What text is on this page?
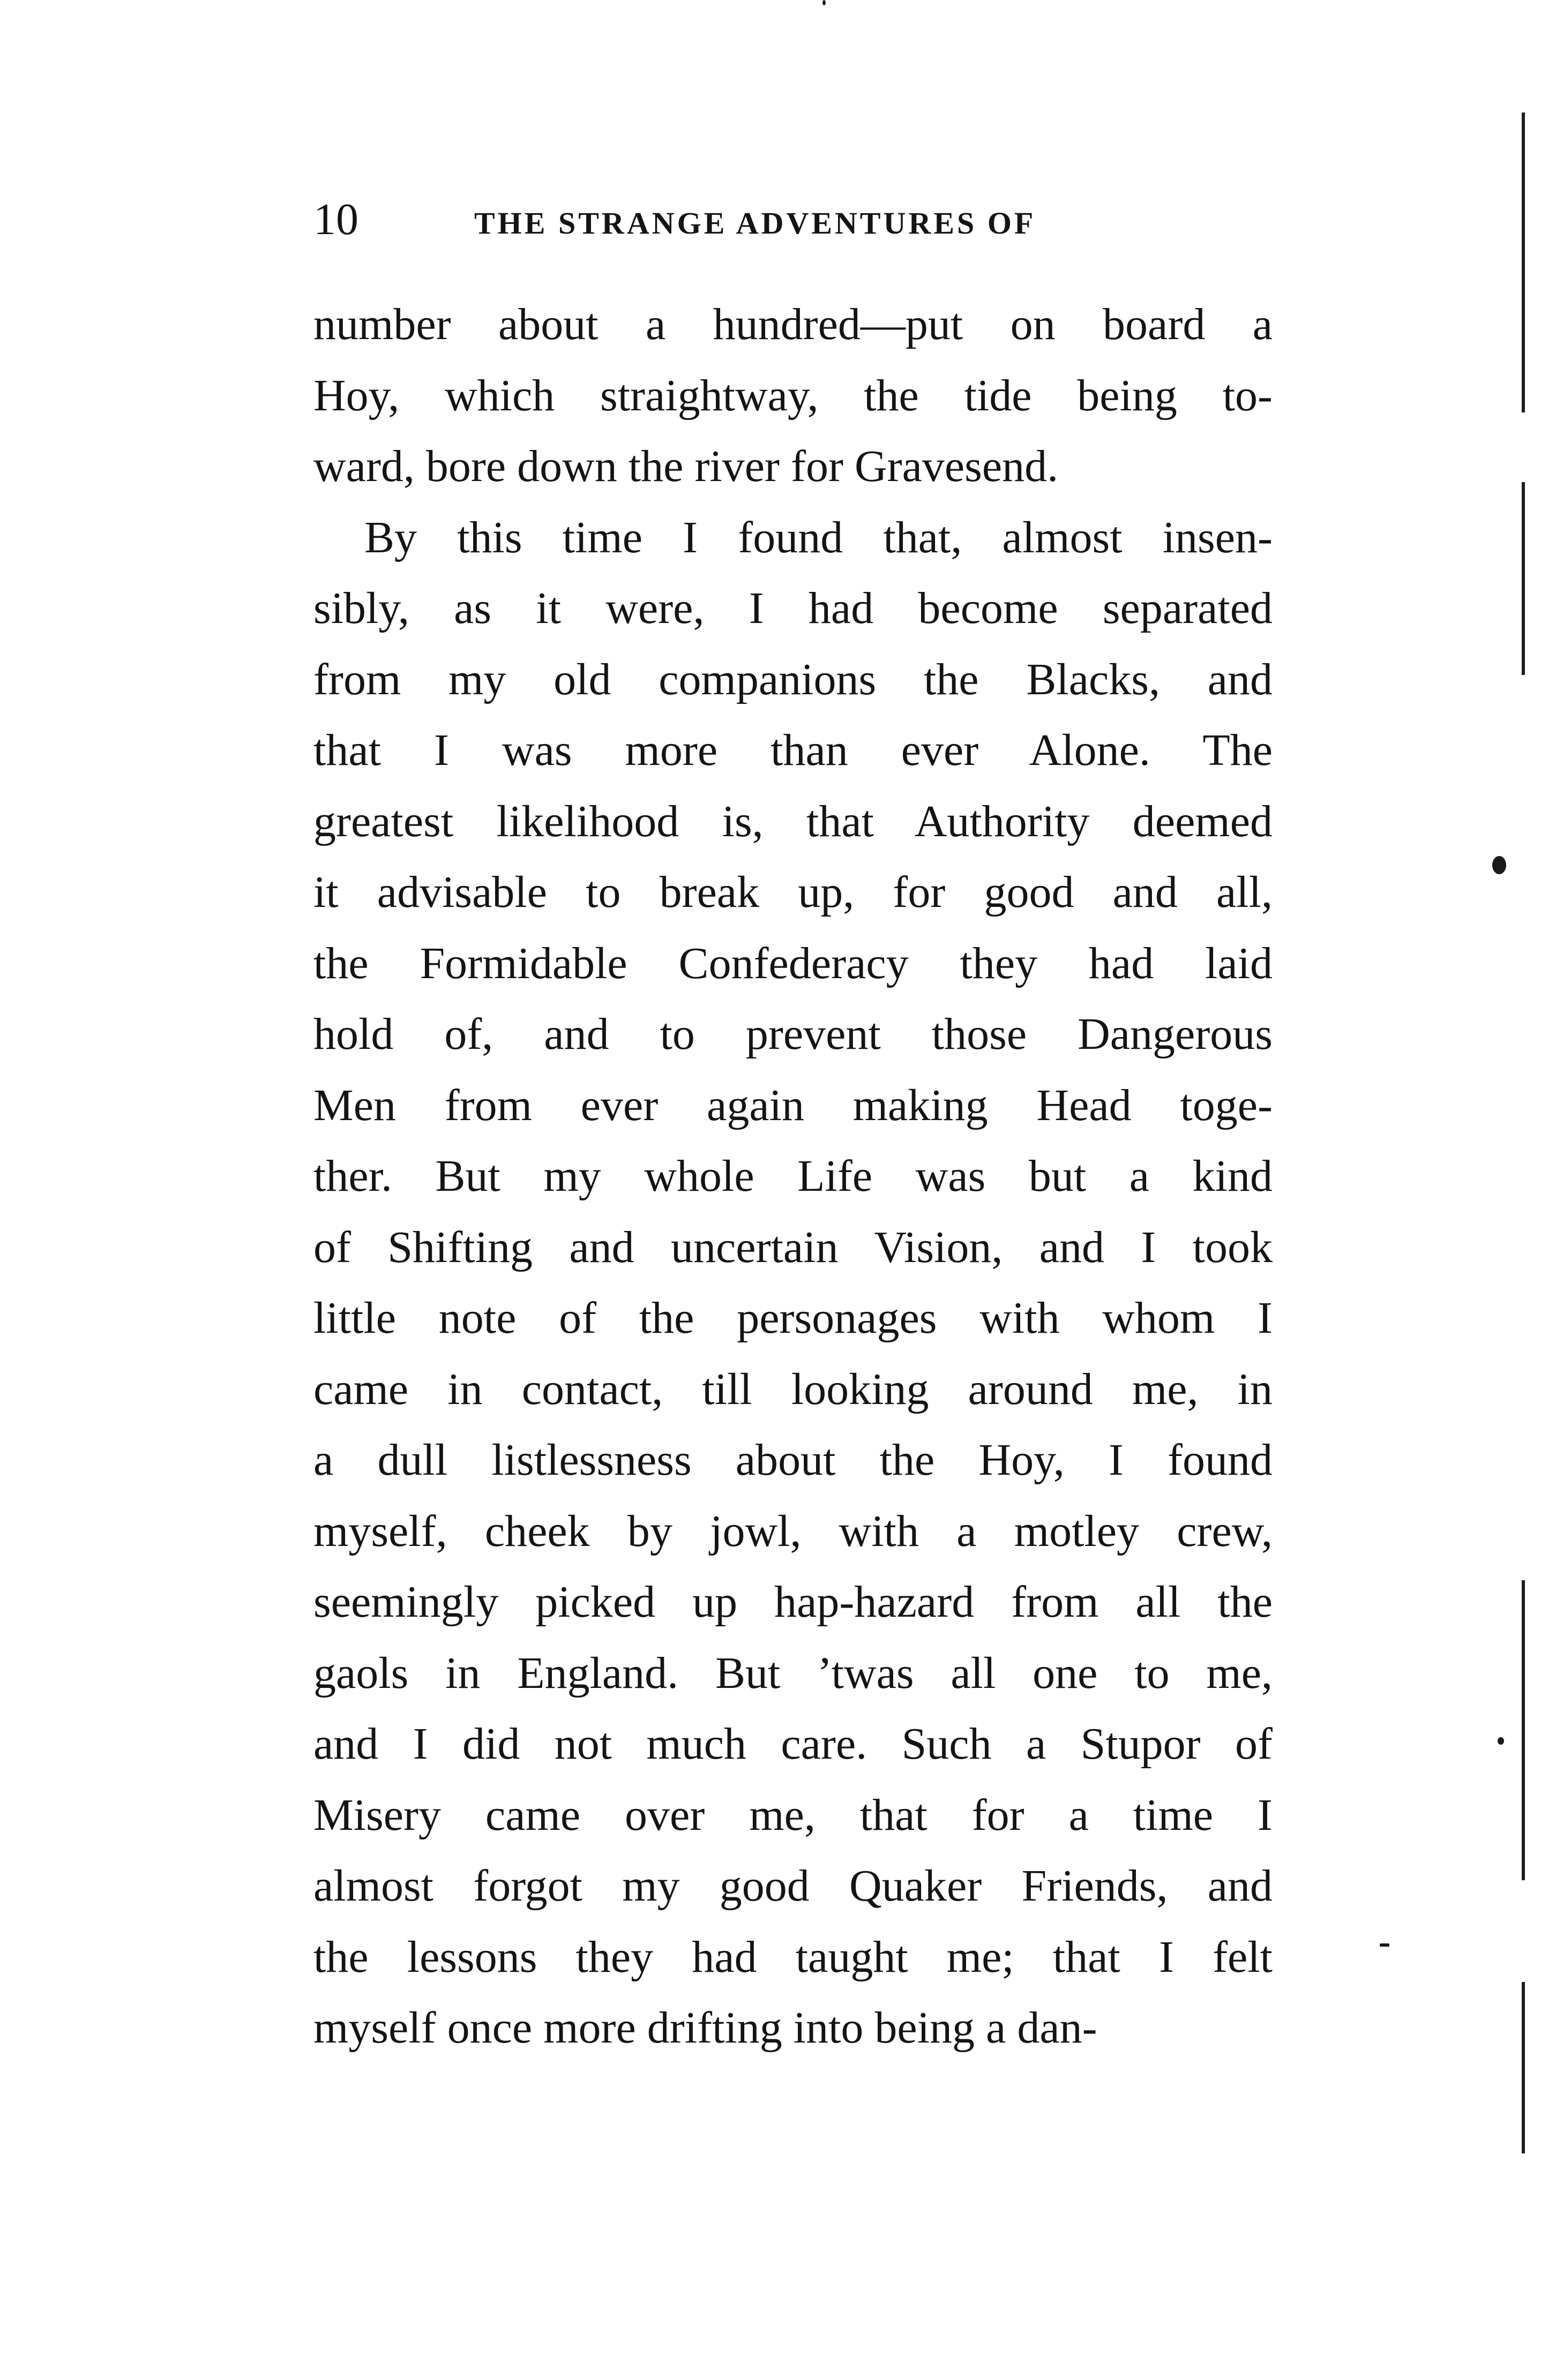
10	THE STRANGE ADVENTURES OF
number about a hundred—put on board a
Hoy, which straightway, the tide being to-
ward, bore down the river for Gravesend.
By this time I found that, almost insen-
sibly, as it were, I had become separated
from my old companions the Blacks, and
that I was more than ever Alone. The
greatest likelihood is, that Authority deemed
it advisable to break up, for good and all,
the Formidable Confederacy they had laid
hold of, and to prevent those Dangerous
Men from ever again making Head toge-
ther. But my whole Life was but a kind
of Shifting and uncertain Vision, and I took
little note of the personages with whom I
came in contact, till looking around me, in
a dull listlessness about the Hoy, I found
myself, cheek by jowl, with a motley crew,
seemingly picked up hap-hazard from all the
gaols in England. But ’twas all one to me,
and I did not much care. Such a Stupor of
Misery came over me, that for a time I
almost forgot my good Quaker Friends, and
the lessons they had taught me; that I felt
myself once more drifting into being a dan-
